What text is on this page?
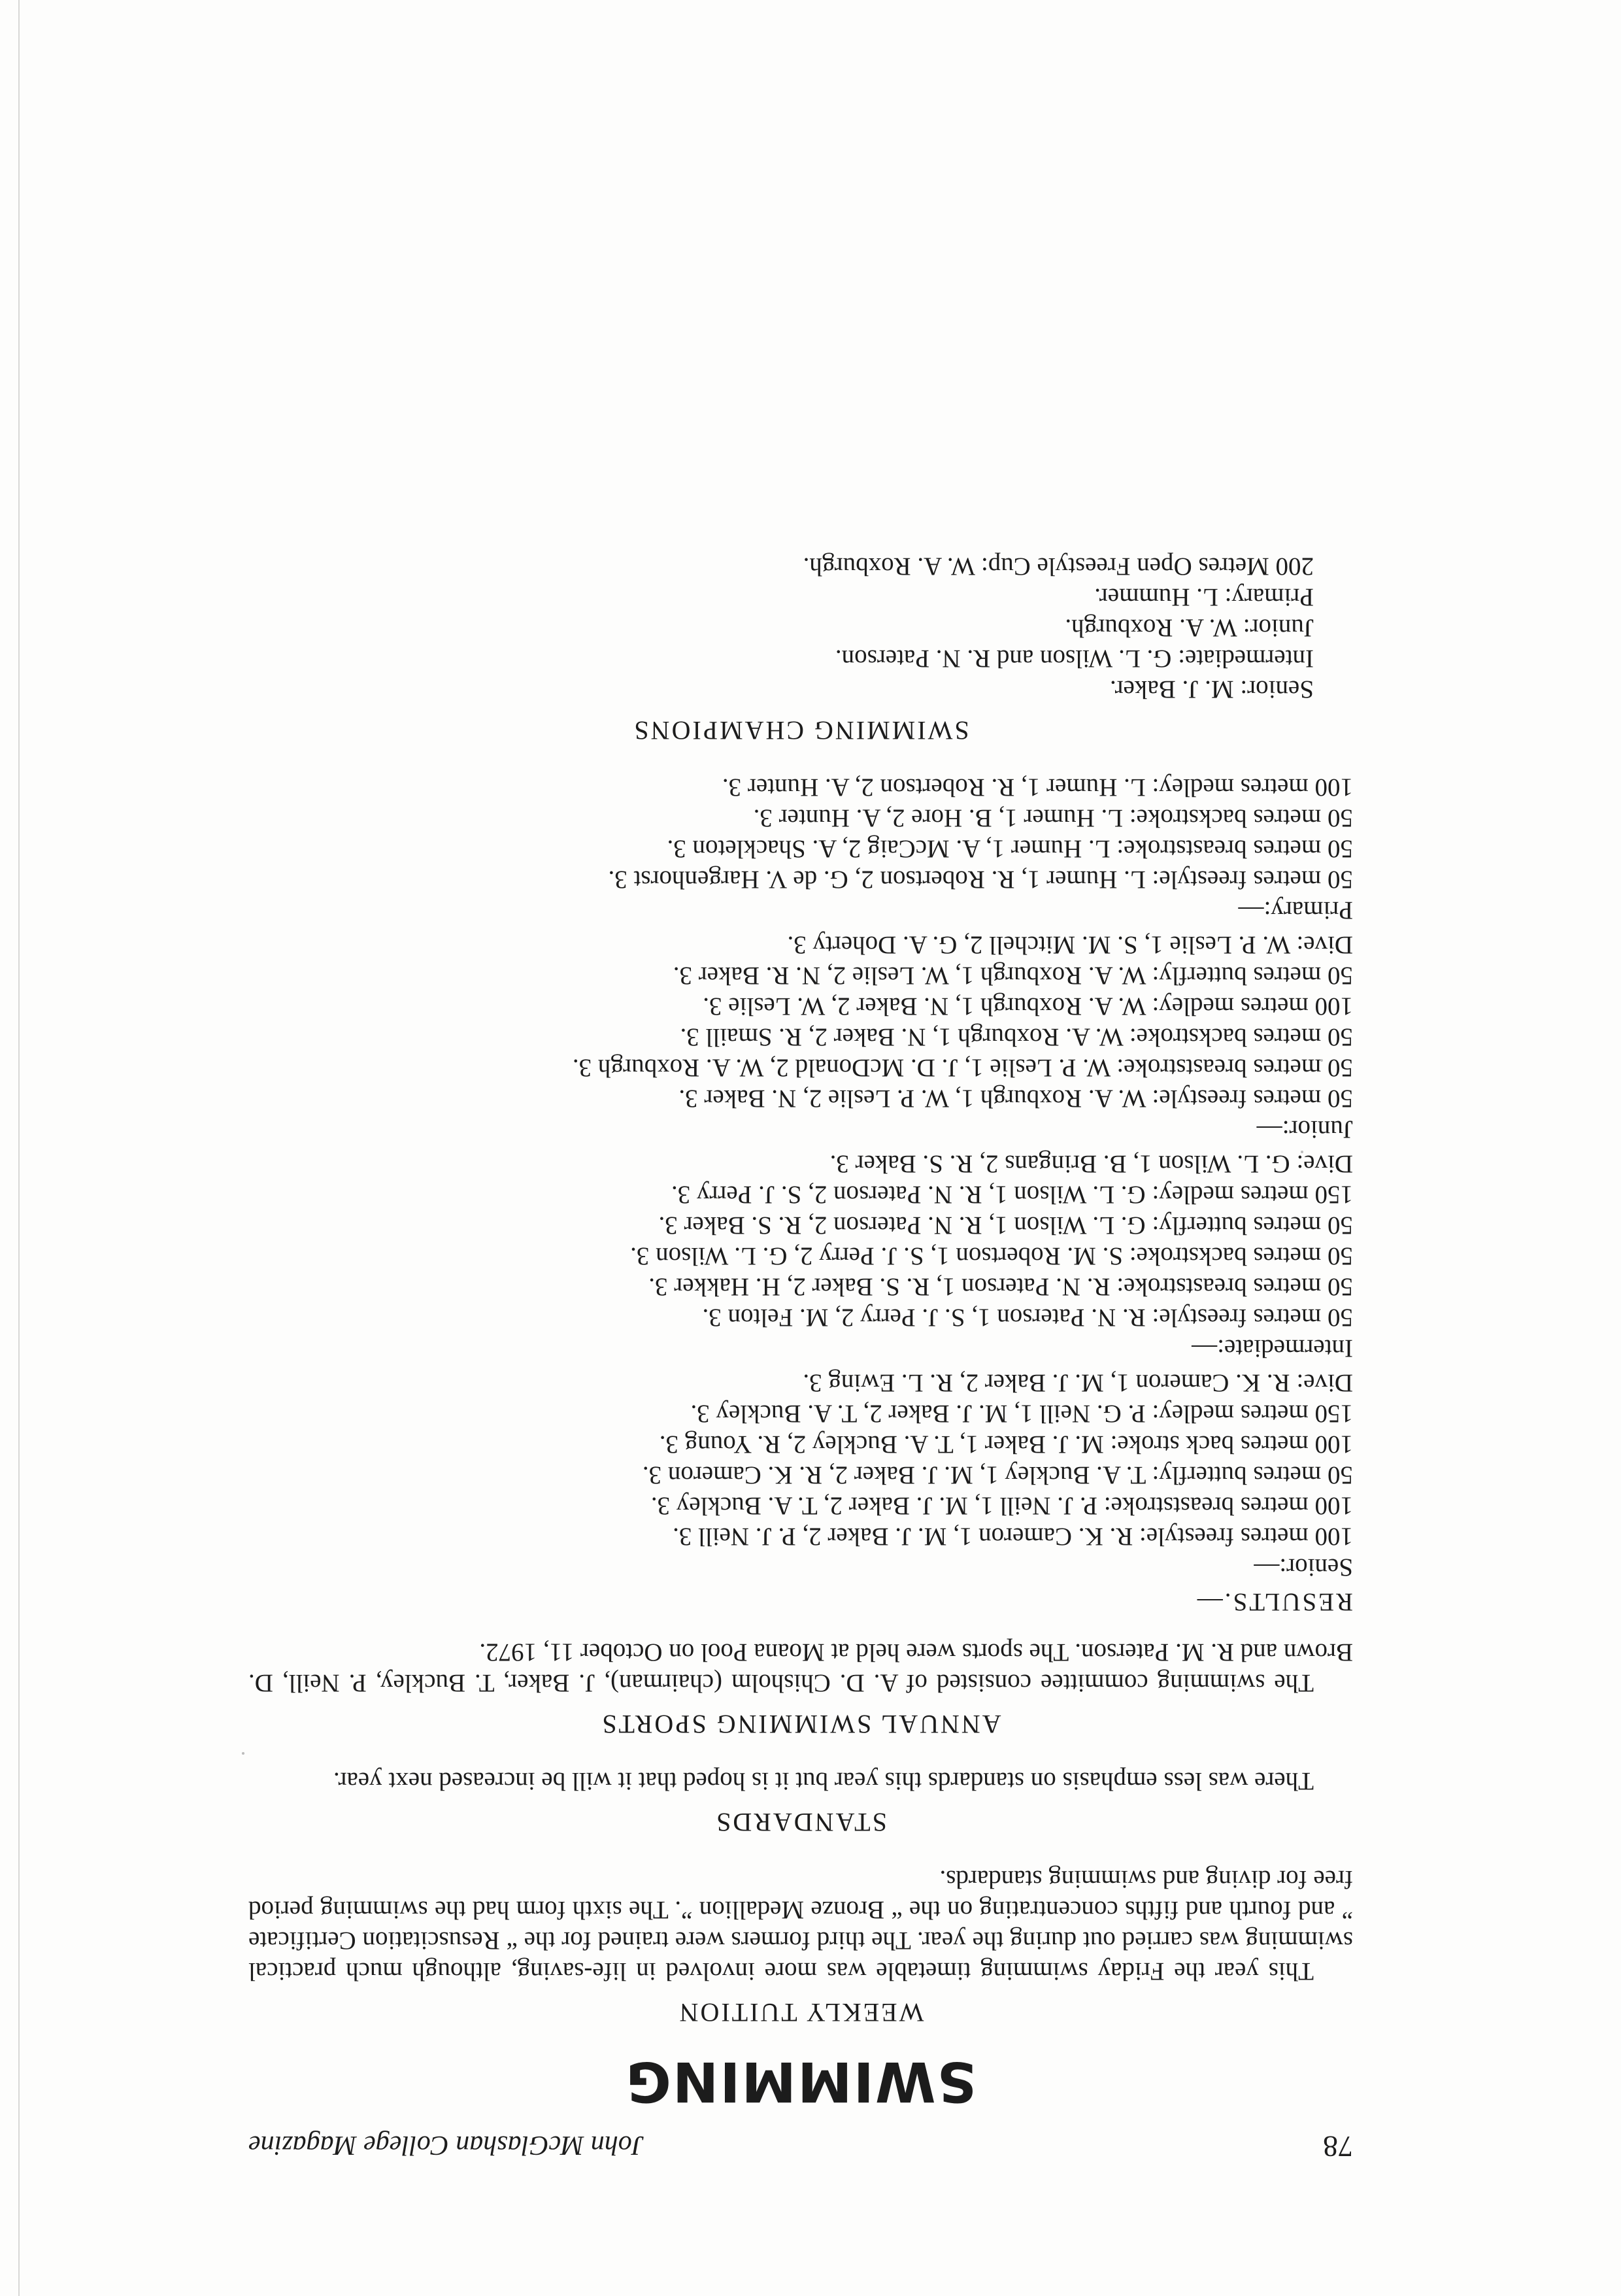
78
John McGlashan College Magazine
SWIMMING
WEEKLY TUITION

This year the Friday swimming timetable was more involved in life-saving, although much practical swimming was carried out during the year. The third formers were trained for the “ Resuscitation Certificate ” and fourth and fifths concentrating on the “ Bronze Medallion ”. The sixth form had the swimming period free for diving and swimming standards.

STANDARDS

There was less emphasis on standards this year but it is hoped that it will be increased next year.

ANNUAL SWIMMING SPORTS

The swimming committee consisted of A. D. Chisholm (chairman), J. Baker, T. Buckley, P. Neill, D. Brown and R. M. Paterson. The sports were held at Moana Pool on October 11, 1972.

RESULTS.—
Senior:—
100 metres freestyle: R. K. Cameron 1, M. J. Baker 2, P. J. Neill 3.
100 metres breaststroke: P. J. Neill 1, M. J. Baker 2, T. A. Buckley 3.
50 metres butterfly: T. A. Buckley 1, M. J. Baker 2, R. K. Cameron 3.
100 metres back stroke: M. J. Baker 1, T. A. Buckley 2, R. Young 3.
150 metres medley: P. G. Neill 1, M. J. Baker 2, T. A. Buckley 3.
Dive: R. K. Cameron 1, M. J. Baker 2, R. L. Ewing 3.
Intermediate:—
50 metres freestyle: R. N. Paterson 1, S. J. Perry 2, M. Felton 3.
50 metres breaststroke: R. N. Paterson 1, R. S. Baker 2, H. Hakker 3.
50 metres backstroke: S. M. Robertson 1, S. J. Perry 2, G. L. Wilson 3.
50 metres butterfly: G. L. Wilson 1, R. N. Paterson 2, R. S. Baker 3.
150 metres medley: G. L. Wilson 1, R. N. Paterson 2, S. J. Perry 3.
Dive: G. L. Wilson 1, B. Bringans 2, R. S. Baker 3.
Junior:—
50 metres freestyle: W. A. Roxburgh 1, W. P. Leslie 2, N. Baker 3.
50 metres breaststroke: W. P. Leslie 1, J. D. McDonald 2, W. A. Roxburgh 3.
50 metres backstroke: W. A. Roxburgh 1, N. Baker 2, R. Smaill 3.
100 metres medley: W. A. Roxburgh 1, N. Baker 2, W. Leslie 3.
50 metres butterfly: W. A. Roxburgh 1, W. Leslie 2, N. R. Baker 3.
Dive: W. P. Leslie 1, S. M. Mitchell 2, G. A. Doherty 3.
Primary:—
50 metres freestyle: L. Humer 1, R. Robertson 2, G. de V. Hargenhorst 3.
50 metres breaststroke: L. Humer 1, A. McCaig 2, A. Shackleton 3.
50 metres backstroke: L. Humer 1, B. Hore 2, A. Hunter 3.
100 metres medley: L. Humer 1, R. Robertson 2, A. Hunter 3.
SWIMMING CHAMPIONS
Senior: M. J. Baker.
Intermediate: G. L. Wilson and R. N. Paterson.
Junior: W. A. Roxburgh.
Primary: L. Hummer.
200 Metres Open Freestyle Cup: W. A. Roxburgh.
